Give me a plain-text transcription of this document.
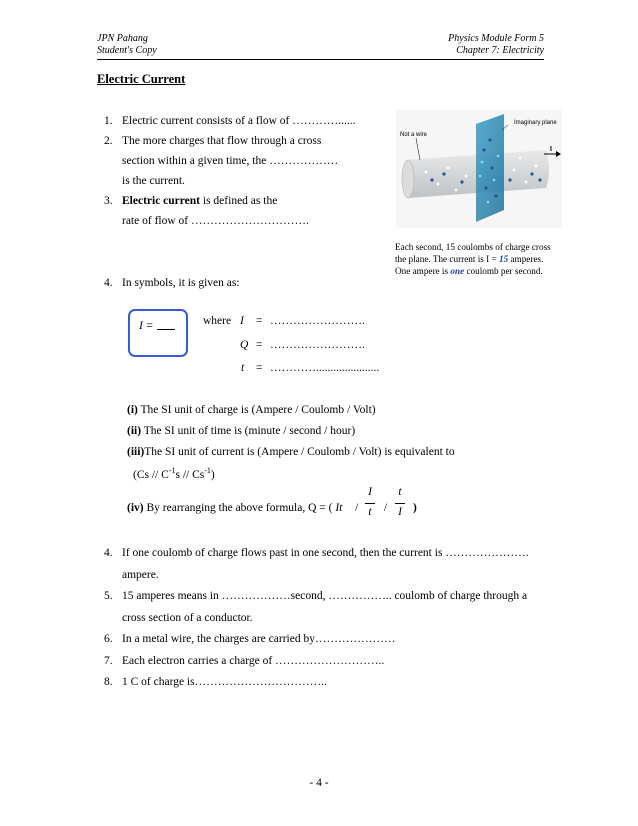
JPN Pahang
Student's Copy
Physics Module Form 5
Chapter 7: Electricity
Electric Current
1. Electric current consists of a flow of …………......
2. The more charges that flow through a cross
section within a given time, the ………………
is the current.
3. Electric current is defined as the
rate of flow of ………………………….
Imaginary plane
Not a wire
I
Each second, 15 coulombs of charge cross
the plane. The current is I = 15 amperes.
One ampere is one coulomb per second.
4. In symbols, it is given as:
I =	where I = …………………….
Q = …………………….
t = …………......................
(i) The SI unit of charge is (Ampere / Coulomb / Volt)
(ii) The SI unit of time is (minute / second / hour)
(iii)The SI unit of current is (Ampere / Coulomb / Volt) is equivalent to
$(Cs // C^{-1}s // Cs^{-1})$
(iv) By rearranging the above formula, Q = ( It /
I
t	/
t
I )
4. If one coulomb of charge flows past in one second, then the current is ………………….
ampere.
5. 15 amperes means in ………………second, …………….. coulomb of charge through a
cross section of a conductor.
6. In a metal wire, the charges are carried by…………………
7. Each electron carries a charge of ………………………..
8. 1 C of charge is……………………………..
- 4 -
